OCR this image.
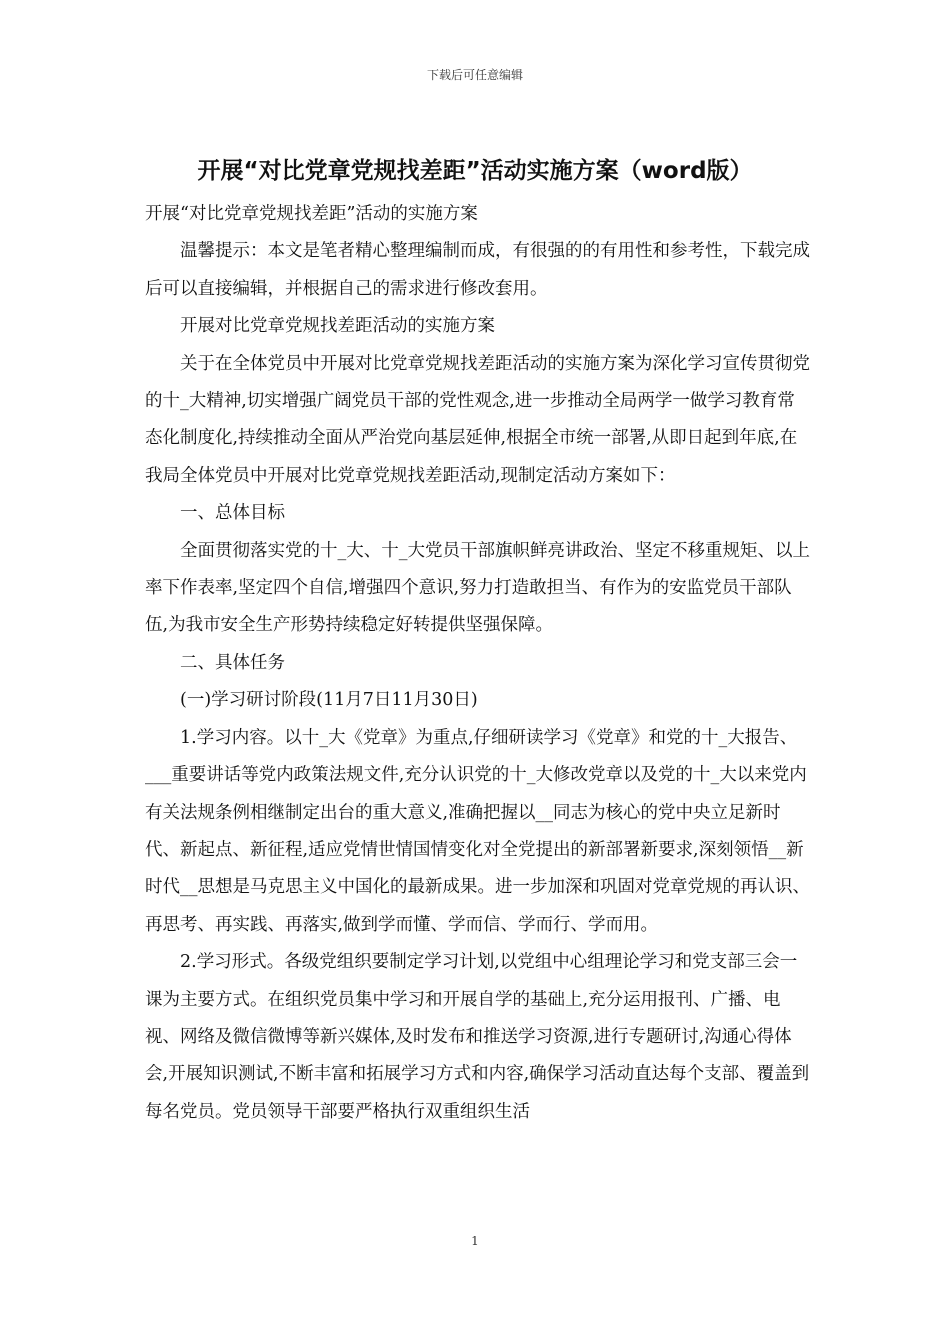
下载后可任意编辑
开展“对比党章党规找差距”活动实施方案（word版）

开展“对比党章党规找差距”活动的实施方案

温馨提示：本文是笔者精心整理编制而成，有很强的的有用性和参考性，下载完成后可以直接编辑，并根据自己的需求进行修改套用。

开展对比党章党规找差距活动的实施方案

关于在全体党员中开展对比党章党规找差距活动的实施方案为深化学习宣传贯彻党的十_大精神,切实增强广阔党员干部的党性观念,进一步推动全局两学一做学习教育常态化制度化,持续推动全面从严治党向基层延伸,根据全市统一部署,从即日起到年底,在我局全体党员中开展对比党章党规找差距活动,现制定活动方案如下：

一、总体目标

全面贯彻落实党的十_大、十_大党员干部旗帜鲜亮讲政治、坚定不移重规矩、以上率下作表率,坚定四个自信,增强四个意识,努力打造敢担当、有作为的安监党员干部队伍,为我市安全生产形势持续稳定好转提供坚强保障。

二、具体任务

(一)学习研讨阶段(11月7日11月30日)

1.学习内容。以十_大《党章》为重点,仔细研读学习《党章》和党的十_大报告、___重要讲话等党内政策法规文件,充分认识党的十_大修改党章以及党的十_大以来党内有关法规条例相继制定出台的重大意义,准确把握以__同志为核心的党中央立足新时代、新起点、新征程,适应党情世情国情变化对全党提出的新部署新要求,深刻领悟__新时代__思想是马克思主义中国化的最新成果。进一步加深和巩固对党章党规的再认识、再思考、再实践、再落实,做到学而懂、学而信、学而行、学而用。

2.学习形式。各级党组织要制定学习计划,以党组中心组理论学习和党支部三会一课为主要方式。在组织党员集中学习和开展自学的基础上,充分运用报刊、广播、电视、网络及微信微博等新兴媒体,及时发布和推送学习资源,进行专题研讨,沟通心得体会,开展知识测试,不断丰富和拓展学习方式和内容,确保学习活动直达每个支部、覆盖到每名党员。党员领导干部要严格执行双重组织生活

1
